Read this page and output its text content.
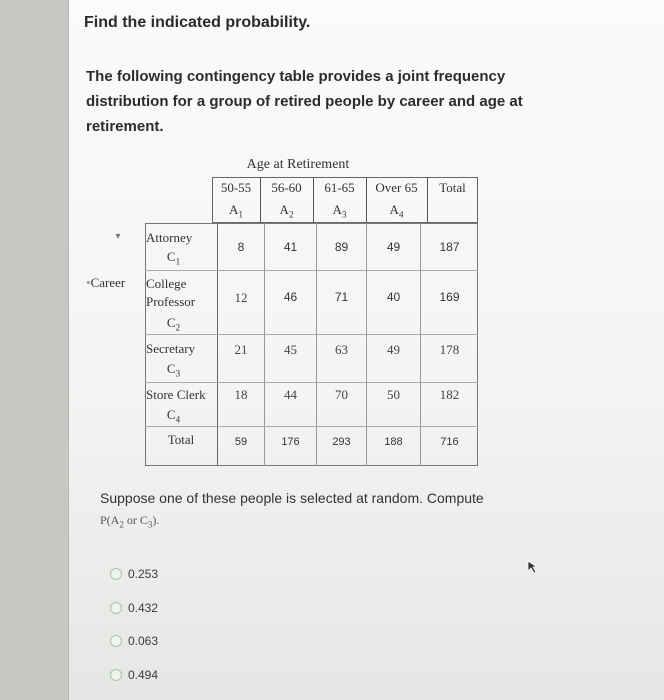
Find the indicated probability.
The following contingency table provides a joint frequency distribution for a group of retired people by career and age at retirement.
Age at Retirement
50-55	56-60	61-65	Over 65	Total
$A_1$	$A_2$	$A_3$	$A_4$
▾
•Career
Attorney
$C_1$
8	41	89	49	187
College
Professor
$C_2$
12	46	71	40	169
Secretary
$C_3$
21	45	63	49	178
Store Clerk
$C_4$
18	44	70	50	182
Total	59	176	293	188	716
Suppose one of these people is selected at random. Compute
$P(A_2$ or $C_3$).
0.253
0.432
0.063
0.494
